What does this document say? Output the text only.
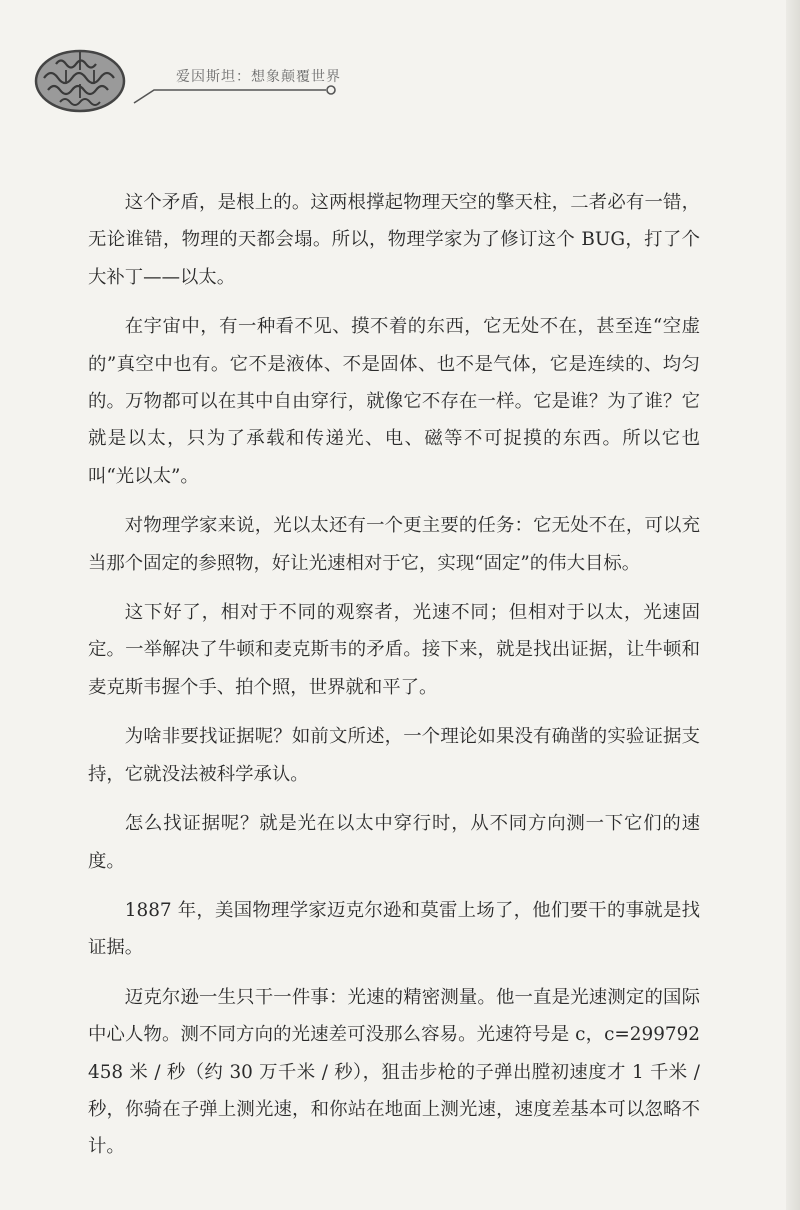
爱因斯坦：想象颠覆世界

这个矛盾，是根上的。这两根撑起物理天空的擎天柱，二者必有一错，无论谁错，物理的天都会塌。所以，物理学家为了修订这个 BUG，打了个大补丁——以太。

在宇宙中，有一种看不见、摸不着的东西，它无处不在，甚至连“空虚的”真空中也有。它不是液体、不是固体、也不是气体，它是连续的、均匀的。万物都可以在其中自由穿行，就像它不存在一样。它是谁？为了谁？它就是以太，只为了承载和传递光、电、磁等不可捉摸的东西。所以它也叫“光以太”。

对物理学家来说，光以太还有一个更主要的任务：它无处不在，可以充当那个固定的参照物，好让光速相对于它，实现“固定”的伟大目标。

这下好了，相对于不同的观察者，光速不同；但相对于以太，光速固定。一举解决了牛顿和麦克斯韦的矛盾。接下来，就是找出证据，让牛顿和麦克斯韦握个手、拍个照，世界就和平了。

为啥非要找证据呢？如前文所述，一个理论如果没有确凿的实验证据支持，它就没法被科学承认。

怎么找证据呢？就是光在以太中穿行时，从不同方向测一下它们的速度。

1887 年，美国物理学家迈克尔逊和莫雷上场了，他们要干的事就是找证据。

迈克尔逊一生只干一件事：光速的精密测量。他一直是光速测定的国际中心人物。测不同方向的光速差可没那么容易。光速符号是 c，c=299792458 米 / 秒（约 30 万千米 / 秒），狙击步枪的子弹出膛初速度才 1 千米 / 秒，你骑在子弹上测光速，和你站在地面上测光速，速度差基本可以忽略不计。
